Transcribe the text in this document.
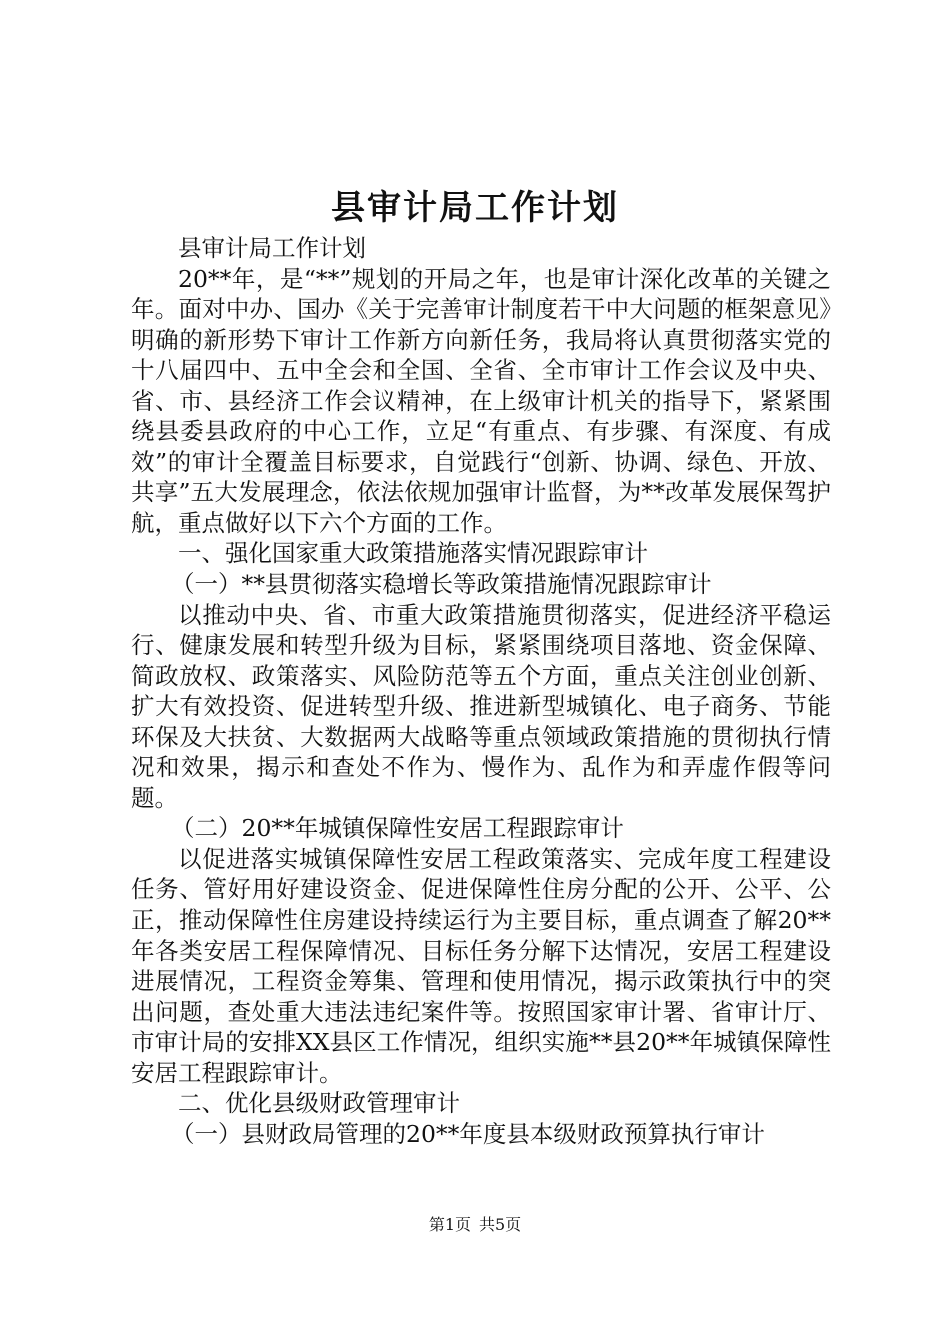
县审计局工作计划

县审计局工作计划

20**年，是“**”规划的开局之年，也是审计深化改革的关键之年。面对中办、国办《关于完善审计制度若干中大问题的框架意见》明确的新形势下审计工作新方向新任务，我局将认真贯彻落实党的十八届四中、五中全会和全国、全省、全市审计工作会议及中央、省、市、县经济工作会议精神，在上级审计机关的指导下，紧紧围绕县委县政府的中心工作，立足“有重点、有步骤、有深度、有成效”的审计全覆盖目标要求，自觉践行“创新、协调、绿色、开放、共享”五大发展理念，依法依规加强审计监督，为**改革发展保驾护航，重点做好以下六个方面的工作。

一、强化国家重大政策措施落实情况跟踪审计

（一）**县贯彻落实稳增长等政策措施情况跟踪审计

以推动中央、省、市重大政策措施贯彻落实，促进经济平稳运行、健康发展和转型升级为目标，紧紧围绕项目落地、资金保障、简政放权、政策落实、风险防范等五个方面，重点关注创业创新、扩大有效投资、促进转型升级、推进新型城镇化、电子商务、节能环保及大扶贫、大数据两大战略等重点领域政策措施的贯彻执行情况和效果，揭示和查处不作为、慢作为、乱作为和弄虚作假等问题。

（二）20**年城镇保障性安居工程跟踪审计

以促进落实城镇保障性安居工程政策落实、完成年度工程建设任务、管好用好建设资金、促进保障性住房分配的公开、公平、公正，推动保障性住房建设持续运行为主要目标，重点调查了解20**年各类安居工程保障情况、目标任务分解下达情况，安居工程建设进展情况，工程资金筹集、管理和使用情况，揭示政策执行中的突出问题，查处重大违法违纪案件等。按照国家审计署、省审计厅、市审计局的安排XX县区工作情况，组织实施**县20**年城镇保障性安居工程跟踪审计。

二、优化县级财政管理审计

（一）县财政局管理的20**年度县本级财政预算执行审计

第1页 共5页
